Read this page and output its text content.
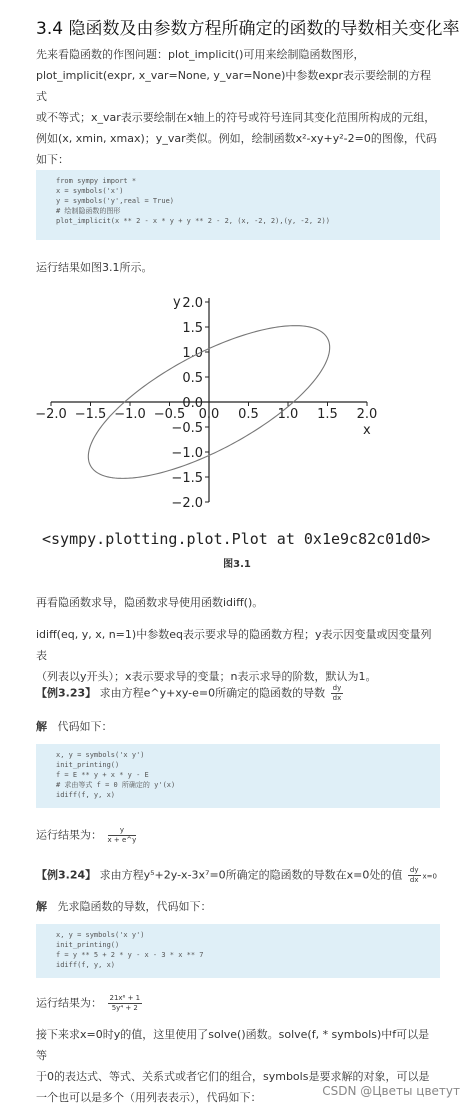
3.4 隐函数及由参数方程所确定的函数的导数相关变化率
先来看隐函数的作图问题：plot_implicit()可用来绘制隐函数图形，
plot_implicit(expr, x_var=None, y_var=None)中参数expr表示要绘制的方程式
或不等式；x_var表示要绘制在x轴上的符号或符号连同其变化范围所构成的元组，
例如(x, xmin, xmax)；y_var类似。例如，绘制函数x²-xy+y²-2=0的图像，代码
如下：
from sympy import *
x = symbols('x')
y = symbols('y',real = True)
# 绘制隐函数的图形
plot_implicit(x ** 2 - x * y + y ** 2 - 2, (x, -2, 2),(y, -2, 2))
运行结果如图3.1所示。
−2.0 −1.5 −1.0 −0.5 0.0 0.5 1.0 1.5 2.0
2.0
1.5
1.0
0.5
0.0
−0.5
−1.0
−1.5
−2.0
x
y
<sympy.plotting.plot.Plot at 0x1e9c82c01d0>
图3.1
再看隐函数求导，隐函数求导使用函数idiff()。
idiff(eq, y, x, n=1)中参数eq表示要求导的隐函数方程；y表示因变量或因变量列表
（列表以y开头）；x表示要求导的变量；n表示求导的阶数，默认为1。
【例3.23】 求由方程e^y+xy-e=0所确定的隐函数的导数 $\frac{dy}{dx}$
解 代码如下：
x, y = symbols('x y')
init_printing()
f = E ** y + x * y - E
# 求由等式 f = 0 所确定的 y'(x)
idiff(f, y, x)
运行结果为： $\frac{y}{x + e\^{}y}$
【例3.24】 求由方程y⁵+2y-x-3x⁷=0所确定的隐函数的导数在x=0处的值 $\frac{dy}{dx} x=0$
解 先求隐函数的导数，代码如下：
x, y = symbols('x y')
init_printing()
f = y ** 5 + 2 * y - x - 3 * x ** 7
idiff(f, y, x)
运行结果为： $\frac{\text{21x⁶ + 1}}{\text{5y⁴ + 2}}$
接下来求x=0时y的值，这里使用了solve()函数。solve(f, * symbols)中f可以是等
于0的表达式、等式、关系式或者它们的组合，symbols是要求解的对象，可以是
一个也可以是多个（用列表表示），代码如下：	CSDN @Цветы цветут
